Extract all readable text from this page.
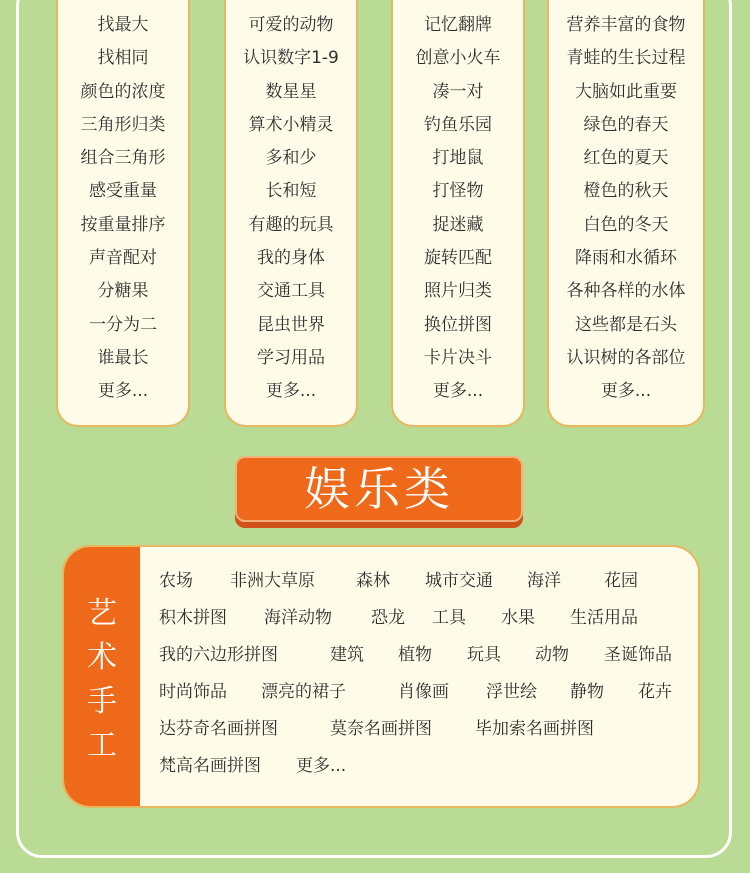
找最大
找相同
颜色的浓度
三角形归类
组合三角形
感受重量
按重量排序
声音配对
分糖果
一分为二
谁最长
更多...
可爱的动物
认识数字1-9
数星星
算术小精灵
多和少
长和短
有趣的玩具
我的身体
交通工具
昆虫世界
学习用品
更多...
记忆翻牌
创意小火车
凑一对
钓鱼乐园
打地鼠
打怪物
捉迷藏
旋转匹配
照片归类
换位拼图
卡片决斗
更多...
营养丰富的食物
青蛙的生长过程
大脑如此重要
绿色的春天
红色的夏天
橙色的秋天
白色的冬天
降雨和水循环
各种各样的水体
这些都是石头
认识树的各部位
更多...
娱乐类
艺
术
手
工
农场 非洲大草原 森林 城市交通 海洋	花园
积木拼图 海洋动物 恐龙 工具 水果 生活用品
我的六边形拼图	建筑 植物 玩具 动物 圣诞饰品
时尚饰品 漂亮的裙子	肖像画 浮世绘 静物 花卉
达芬奇名画拼图	莫奈名画拼图	毕加索名画拼图
梵高名画拼图 更多...
